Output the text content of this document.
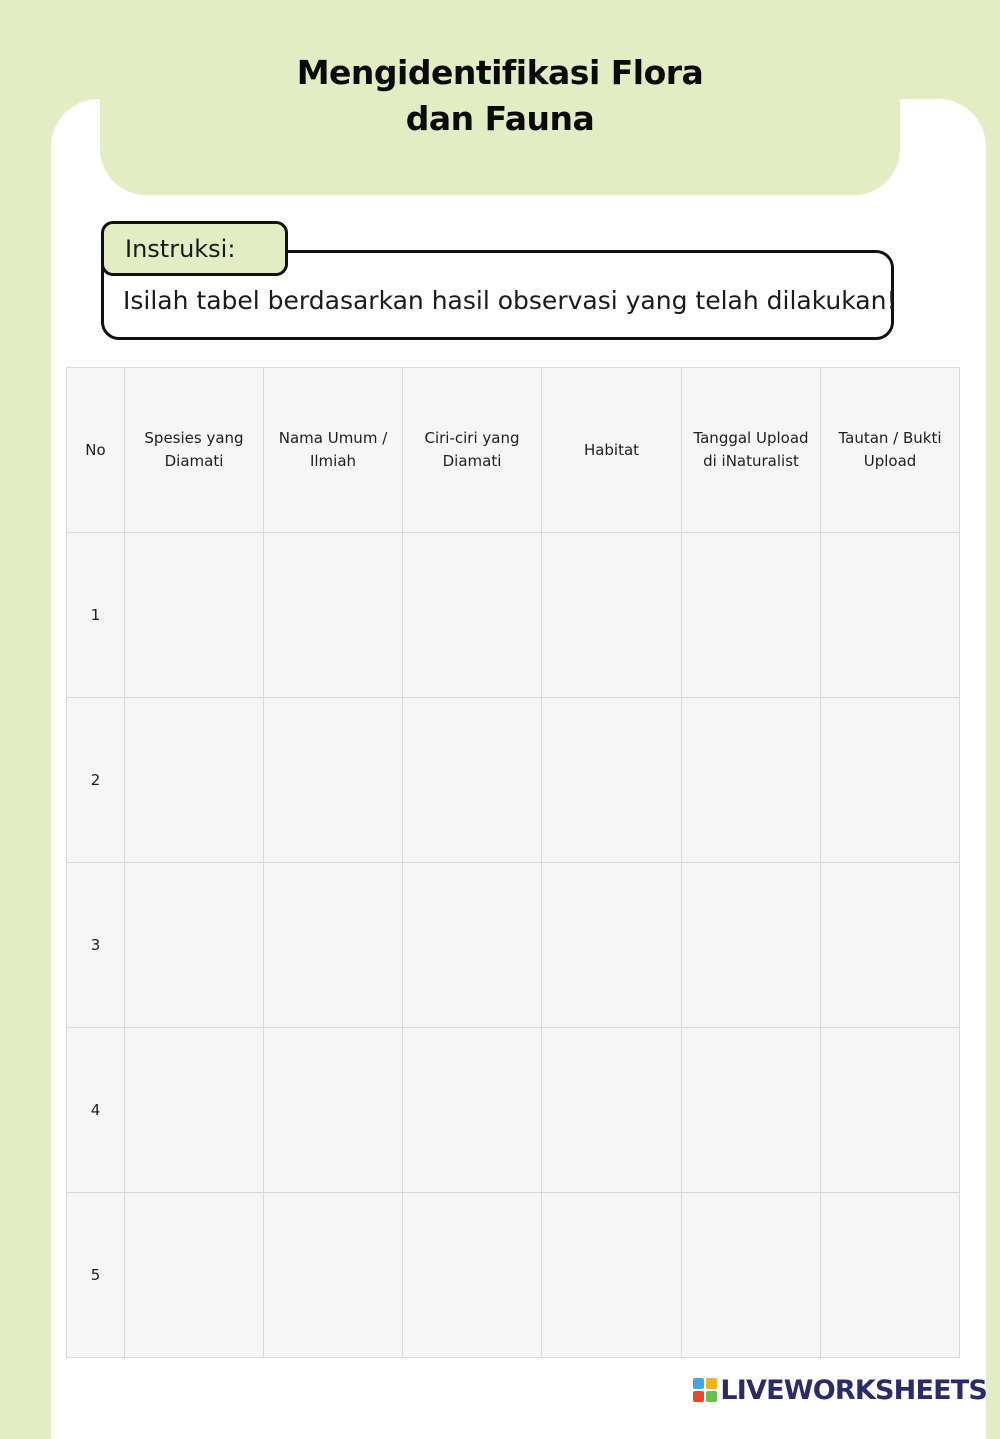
Mengidentifikasi Flora
dan Fauna
Isilah tabel berdasarkan hasil observasi yang telah dilakukan!
Instruksi:
No	Spesies yang Diamati	Nama Umum / Ilmiah	Ciri-ciri yang Diamati	Habitat	Tanggal Upload di iNaturalist	Tautan / Bukti Upload
1						
2						
3						
4						
5						
LIVEWORKSHEETS
